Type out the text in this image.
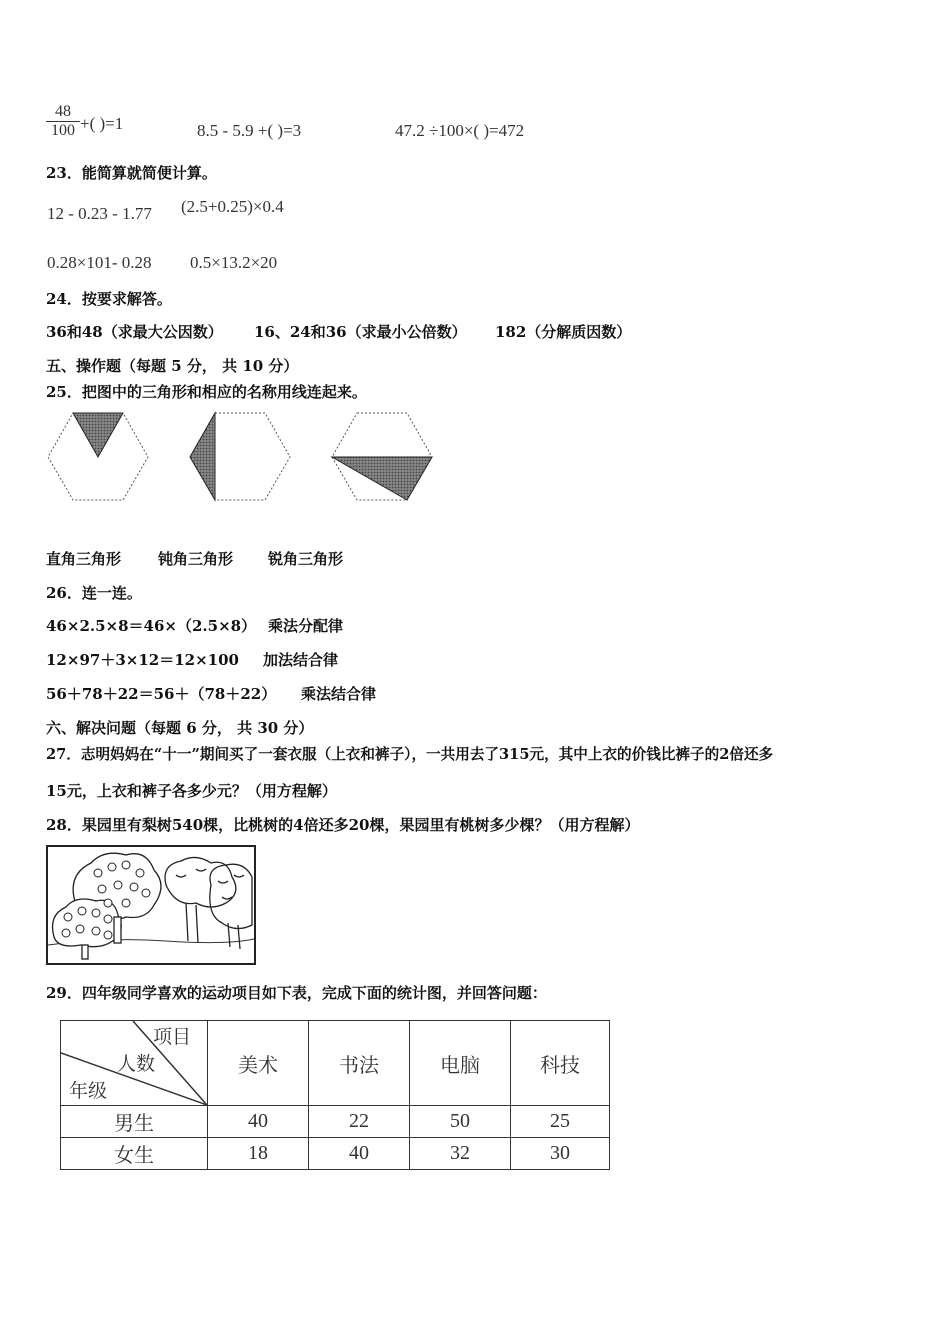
$\frac{48}{100}$ +( )=1	8.5 - 5.9 +( )=3	47.2 ÷100×( )=472
23．能简算就简便计算。
12 - 0.23 - 1.77 (2.5+0.25)×0.4
0.28×101- 0.28 0.5×13.2×20
24．按要求解答。
36和48（求最大公因数） 16、24和36（求最小公倍数） 182（分解质因数）
五、操作题（每题 5 分， 共 10 分）
25．把图中的三角形和相应的名称用线连起来。
直角三角形 钝角三角形 锐角三角形
26．连一连。
46×2.5×8＝46×（2.5×8） 乘法分配律
12×97＋3×12＝12×100 加法结合律
56＋78＋22＝56＋（78＋22） 乘法结合律
六、解决问题（每题 6 分， 共 30 分）
27．志明妈妈在“十一”期间买了一套衣服（上衣和裤子），一共用去了315元，其中上衣的价钱比裤子的2倍还多
15元，上衣和裤子各多少元？（用方程解）
28．果园里有梨树540棵，比桃树的4倍还多20棵，果园里有桃树多少棵？（用方程解）
29．四年级同学喜欢的运动项目如下表，完成下面的统计图，并回答问题：
项目
人数
年级	美术	书法	电脑	科技
男生	40	22	50	25
女生	18	40	32	30
